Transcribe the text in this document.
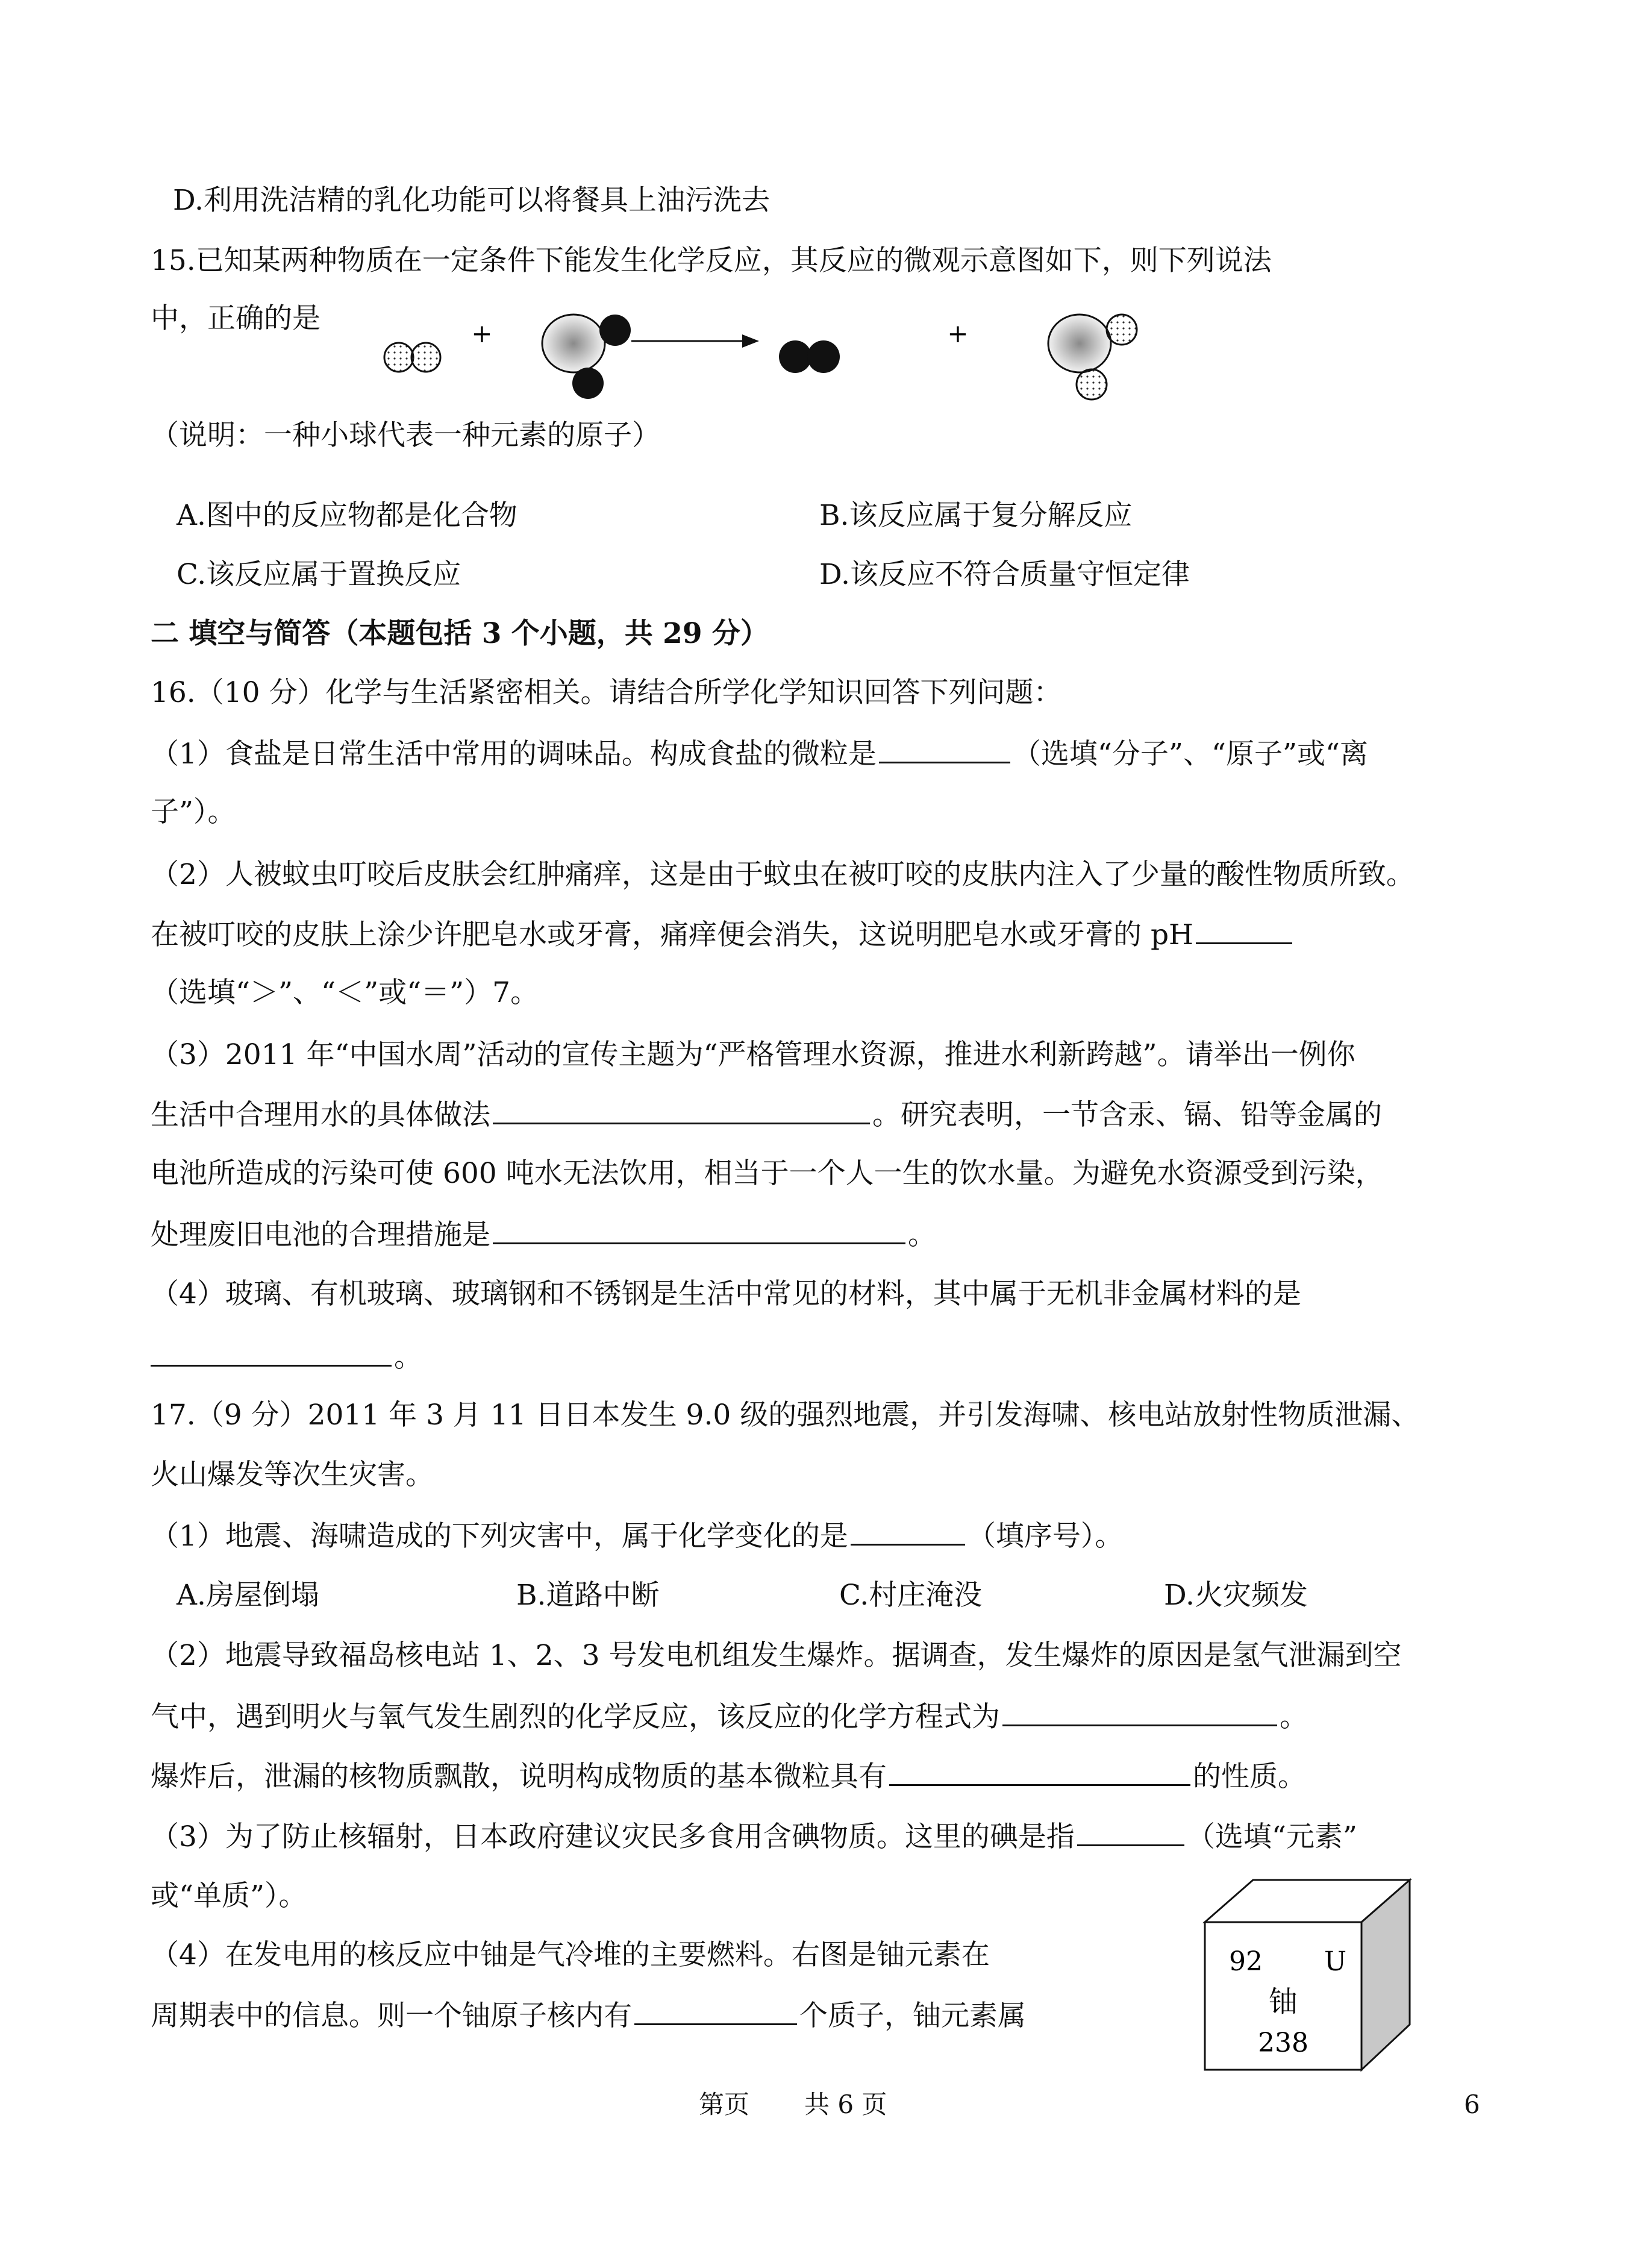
D.利用洗洁精的乳化功能可以将餐具上油污洗去
15.已知某两种物质在一定条件下能发生化学反应，其反应的微观示意图如下，则下列说法
中，正确的是	+	+
（说明：一种小球代表一种元素的原子）
A.图中的反应物都是化合物	B.该反应属于复分解反应
C.该反应属于置换反应	D.该反应不符合质量守恒定律
二 填空与简答（本题包括 3 个小题，共 29 分）
16.（10 分）化学与生活紧密相关。请结合所学化学知识回答下列问题：
（1）食盐是日常生活中常用的调味品。构成食盐的微粒是	（选填“分子”、“原子”或“离
子”）。
（2）人被蚊虫叮咬后皮肤会红肿痛痒，这是由于蚊虫在被叮咬的皮肤内注入了少量的酸性物质所致。
在被叮咬的皮肤上涂少许肥皂水或牙膏，痛痒便会消失，这说明肥皂水或牙膏的 pH
（选填“＞”、“＜”或“＝”）7。
（3）2011 年“中国水周”活动的宣传主题为“严格管理水资源，推进水利新跨越”。请举出一例你
生活中合理用水的具体做法	。研究表明，一节含汞、镉、铅等金属的
电池所造成的污染可使 600 吨水无法饮用，相当于一个人一生的饮水量。为避免水资源受到污染，
处理废旧电池的合理措施是	。
（4）玻璃、有机玻璃、玻璃钢和不锈钢是生活中常见的材料，其中属于无机非金属材料的是
。
17.（9 分）2011 年 3 月 11 日日本发生 9.0 级的强烈地震，并引发海啸、核电站放射性物质泄漏、
火山爆发等次生灾害。
（1）地震、海啸造成的下列灾害中，属于化学变化的是	（填序号）。
A.房屋倒塌	B.道路中断	C.村庄淹没	D.火灾频发
（2）地震导致福岛核电站 1、2、3 号发电机组发生爆炸。据调查，发生爆炸的原因是氢气泄漏到空
气中，遇到明火与氧气发生剧烈的化学反应，该反应的化学方程式为	。
爆炸后，泄漏的核物质飘散，说明构成物质的基本微粒具有	的性质。
（3）为了防止核辐射，日本政府建议灾民多食用含碘物质。这里的碘是指	（选填“元素”
或“单质”）。
（4）在发电用的核反应中铀是气冷堆的主要燃料。右图是铀元素在
周期表中的信息。则一个铀原子核内有	个质子，铀元素属
92 U
铀
238
第页 共 6 页	6
